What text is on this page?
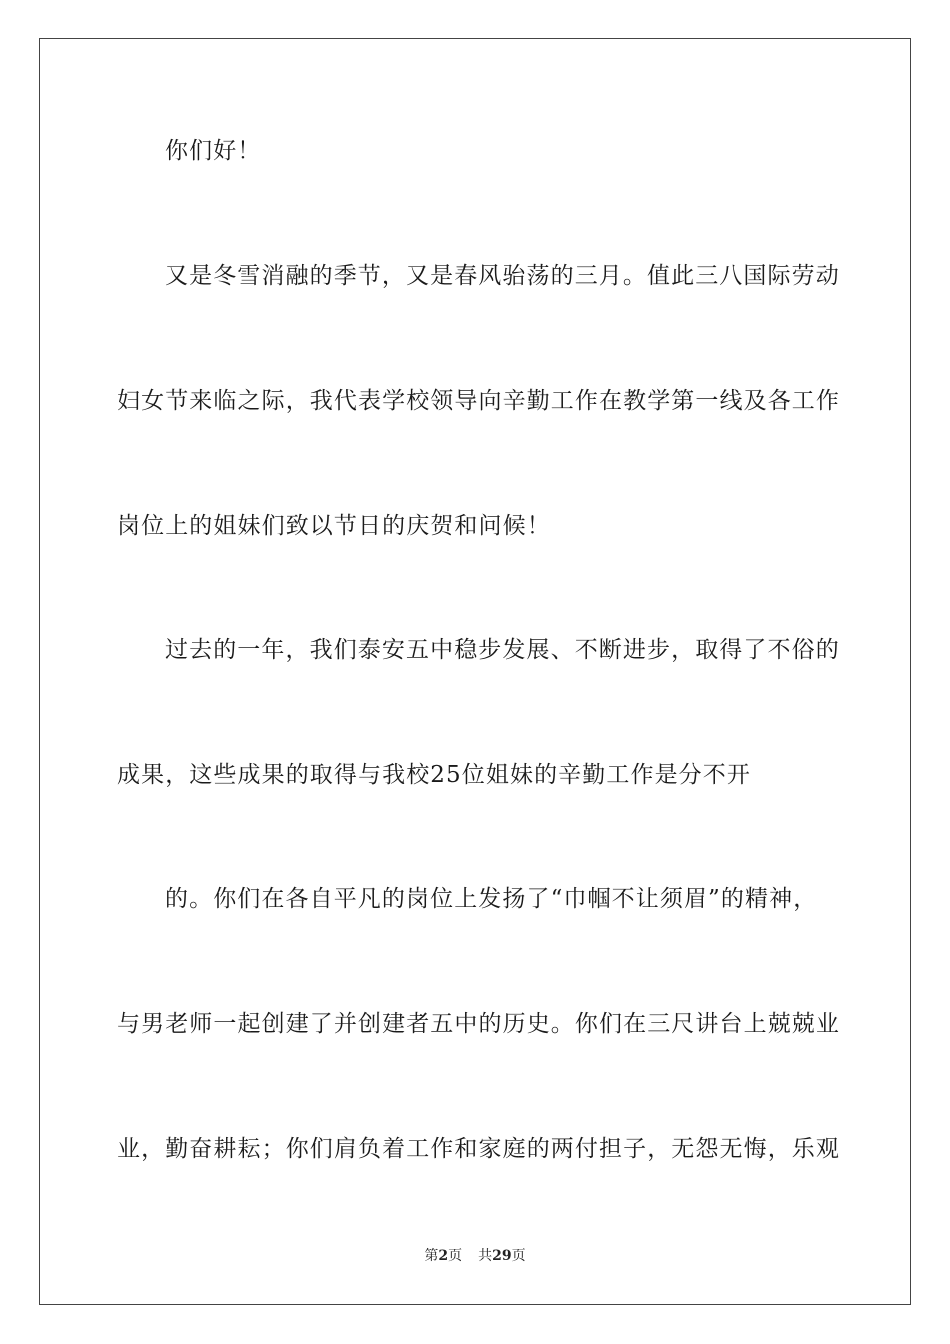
你们好！
又是冬雪消融的季节，又是春风骀荡的三月。值此三八国际劳动
妇女节来临之际，我代表学校领导向辛勤工作在教学第一线及各工作
岗位上的姐妹们致以节日的庆贺和问候！
过去的一年，我们泰安五中稳步发展、不断进步，取得了不俗的
成果，这些成果的取得与我校25位姐妹的辛勤工作是分不开
的。你们在各自平凡的岗位上发扬了“巾帼不让须眉”的精神，
与男老师一起创建了并创建者五中的历史。你们在三尺讲台上兢兢业
业，勤奋耕耘；你们肩负着工作和家庭的两付担子，无怨无悔，乐观
第2页 共29页
